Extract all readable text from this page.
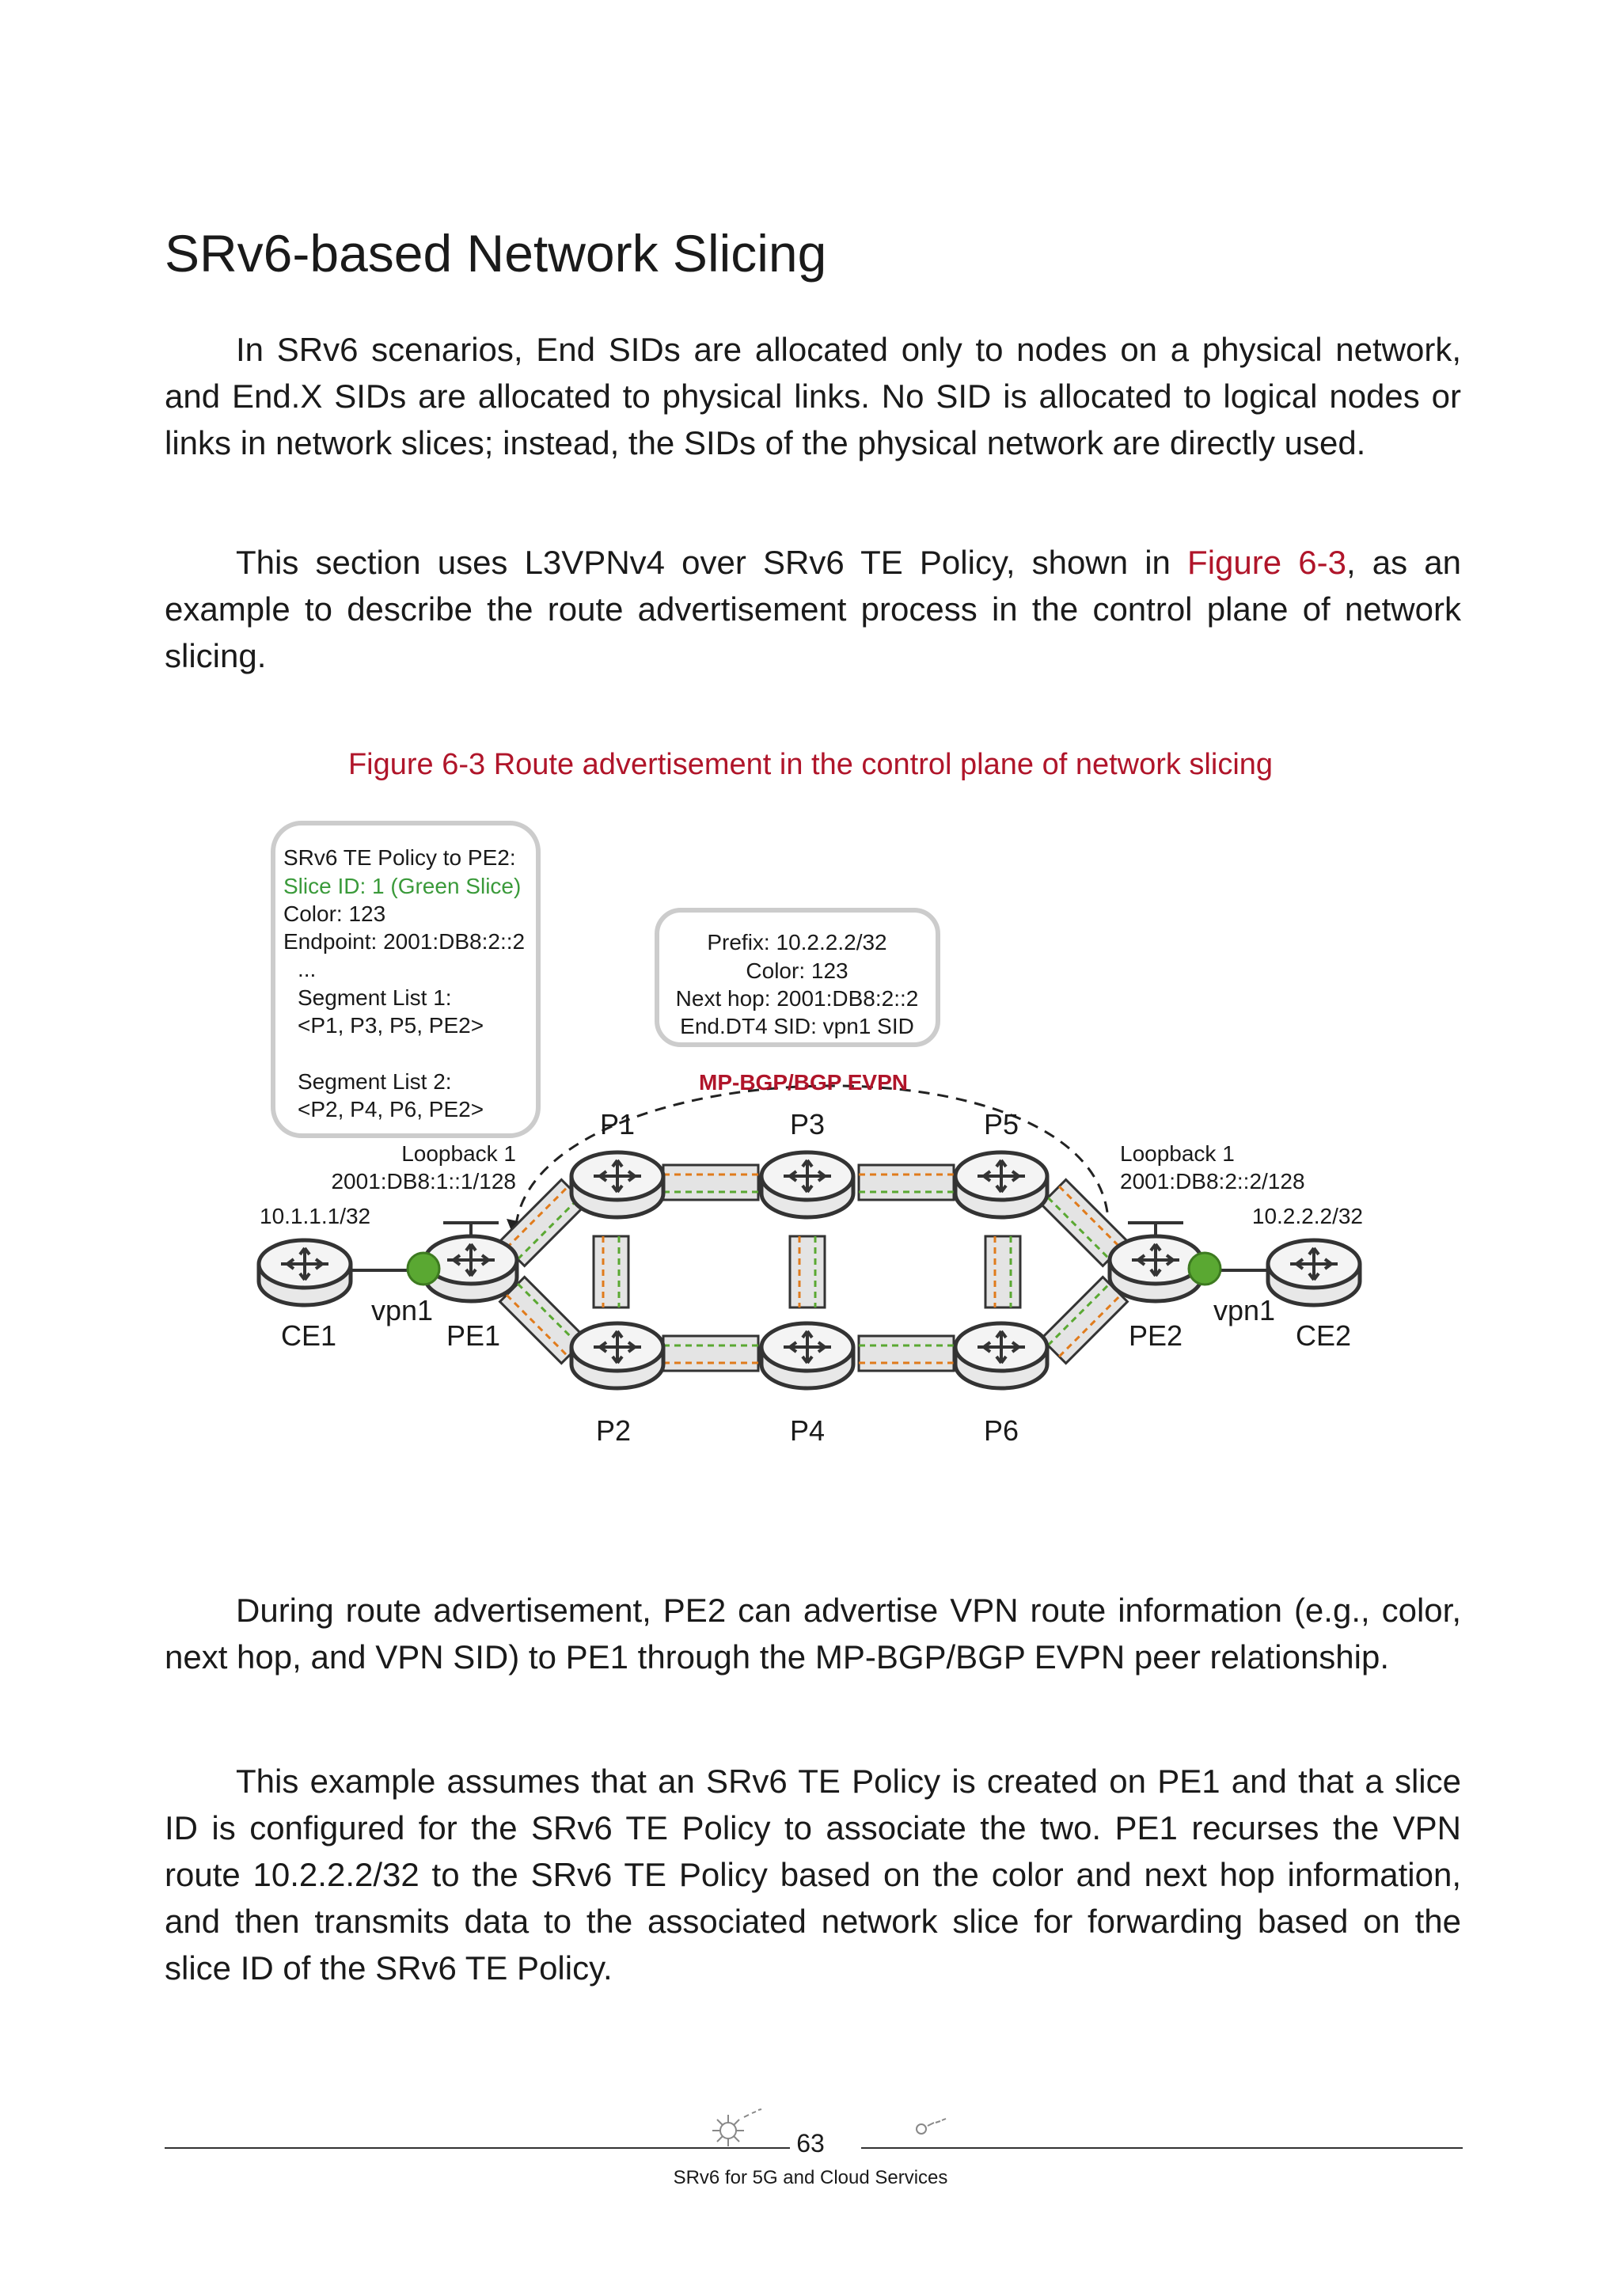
SRv6-based Network Slicing

In SRv6 scenarios, End SIDs are allocated only to nodes on a physical network, and End.X SIDs are allocated to physical links. No SID is allocated to logical nodes or links in network slices; instead, the SIDs of the physical network are directly used.

This section uses L3VPNv4 over SRv6 TE Policy, shown in Figure 6-3, as an example to describe the route advertisement process in the control plane of network slicing.

Figure 6-3 Route advertisement in the control plane of network slicing
SRv6 TE Policy to PE2:
Slice ID: 1 (Green Slice)
Color: 123
Endpoint: 2001:DB8:2::2
...
Segment List 1:
<P1, P3, P5, PE2>
Segment List 2:
<P2, P4, P6, PE2>
Prefix: 10.2.2.2/32
Color: 123
Next hop: 2001:DB8:2::2
End.DT4 SID: vpn1 SID
MP-BGP/BGP EVPN
P1	P3	P5
P2	P4	P6
PE1	PE2
CE1	CE2
vpn1	vpn1
Loopback 1
2001:DB8:1::1/128
Loopback 1
2001:DB8:2::2/128
10.1.1.1/32	10.2.2.2/32

During route advertisement, PE2 can advertise VPN route information (e.g., color, next hop, and VPN SID) to PE1 through the MP-BGP/BGP EVPN peer relationship.

This example assumes that an SRv6 TE Policy is created on PE1 and that a slice ID is configured for the SRv6 TE Policy to associate the two. PE1 recurses the VPN route 10.2.2.2/32 to the SRv6 TE Policy based on the color and next hop information, and then transmits data to the associated network slice for forwarding based on the slice ID of the SRv6 TE Policy.

63
SRv6 for 5G and Cloud Services
